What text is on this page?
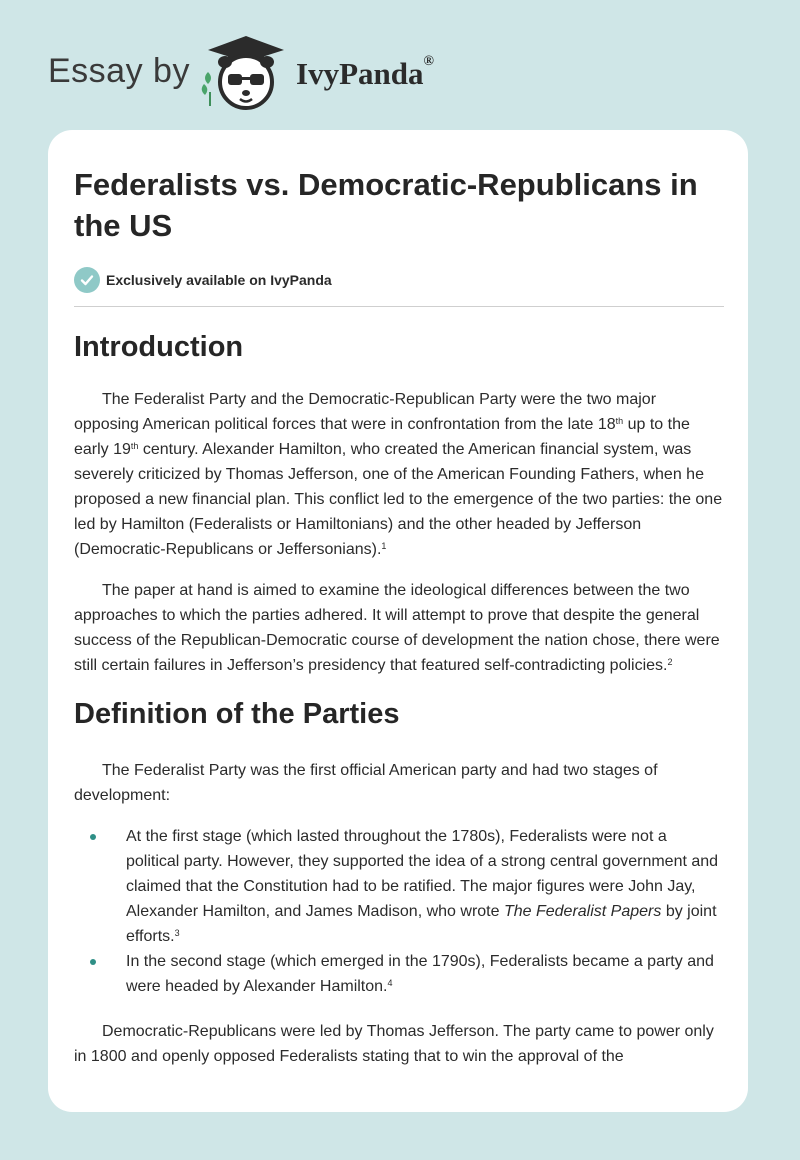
Essay by	IvyPanda®
Federalists vs. Democratic-Republicans in the US
Exclusively available on IvyPanda
Introduction

The Federalist Party and the Democratic-Republican Party were the two major opposing American political forces that were in confrontation from the late 18th up to the early 19th century. Alexander Hamilton, who created the American financial system, was severely criticized by Thomas Jefferson, one of the American Founding Fathers, when he proposed a new financial plan. This conflict led to the emergence of the two parties: the one led by Hamilton (Federalists or Hamiltonians) and the other headed by Jefferson (Democratic-Republicans or Jeffersonians).$^1$

The paper at hand is aimed to examine the ideological differences between the two approaches to which the parties adhered. It will attempt to prove that despite the general success of the Republican-Democratic course of development the nation chose, there were still certain failures in Jefferson’s presidency that featured self-contradicting policies.$^2$

Definition of the Parties

The Federalist Party was the first official American party and had two stages of development:

At the first stage (which lasted throughout the 1780s), Federalists were not a political party. However, they supported the idea of a strong central government and claimed that the Constitution had to be ratified. The major figures were John Jay, Alexander Hamilton, and James Madison, who wrote The Federalist Papers by joint efforts.$^3$
In the second stage (which emerged in the 1790s), Federalists became a party and were headed by Alexander Hamilton.$^4$

Democratic-Republicans were led by Thomas Jefferson. The party came to power only in 1800 and openly opposed Federalists stating that to win the approval of the
